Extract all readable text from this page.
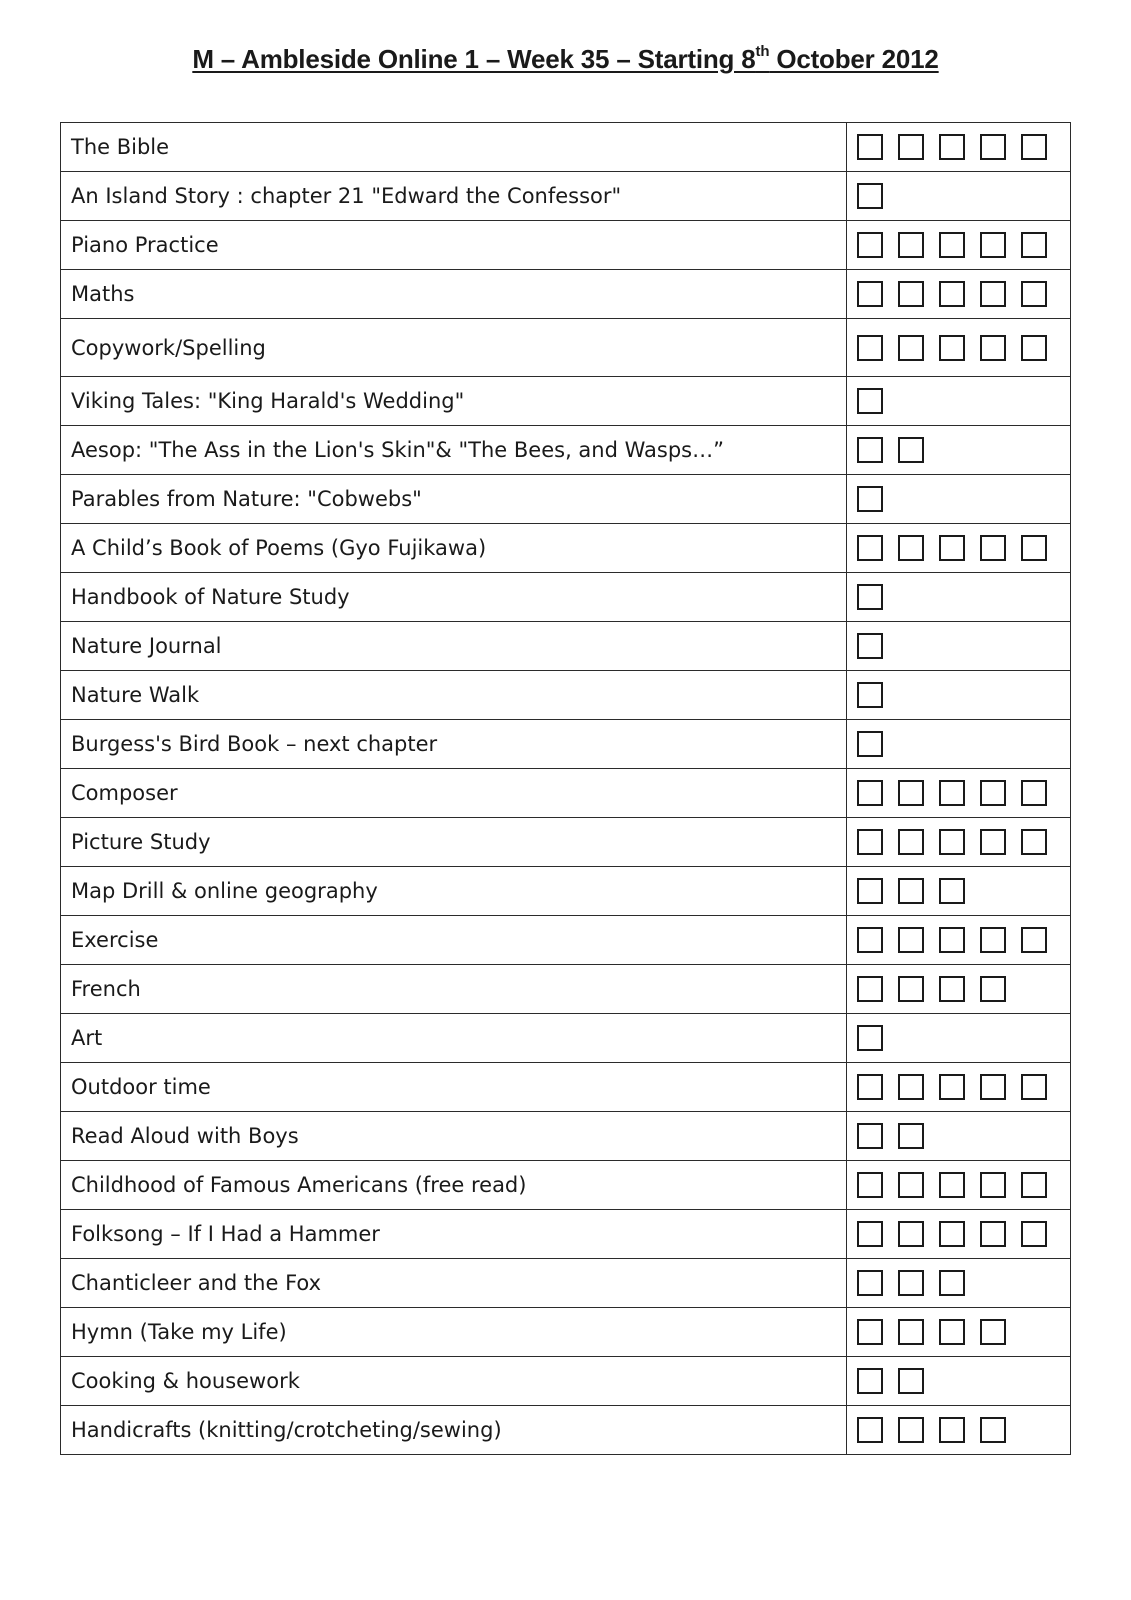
M – Ambleside Online 1 – Week 35 – Starting 8th October 2012
The Bible	

An Island Story : chapter 21 "Edward the Confessor"	

Piano Practice	

Maths	

Copywork/Spelling	

Viking Tales: "King Harald's Wedding"	

Aesop: "The Ass in the Lion's Skin"& "The Bees, and Wasps…”	

Parables from Nature: "Cobwebs"	

A Child’s Book of Poems (Gyo Fujikawa)	

Handbook of Nature Study	

Nature Journal	

Nature Walk	

Burgess's Bird Book – next chapter	

Composer	

Picture Study	

Map Drill & online geography	

Exercise	

French	

Art	

Outdoor time	

Read Aloud with Boys	

Childhood of Famous Americans (free read)	

Folksong – If I Had a Hammer	

Chanticleer and the Fox	

Hymn (Take my Life)	

Cooking & housework	

Handicrafts (knitting/crotcheting/sewing)	
